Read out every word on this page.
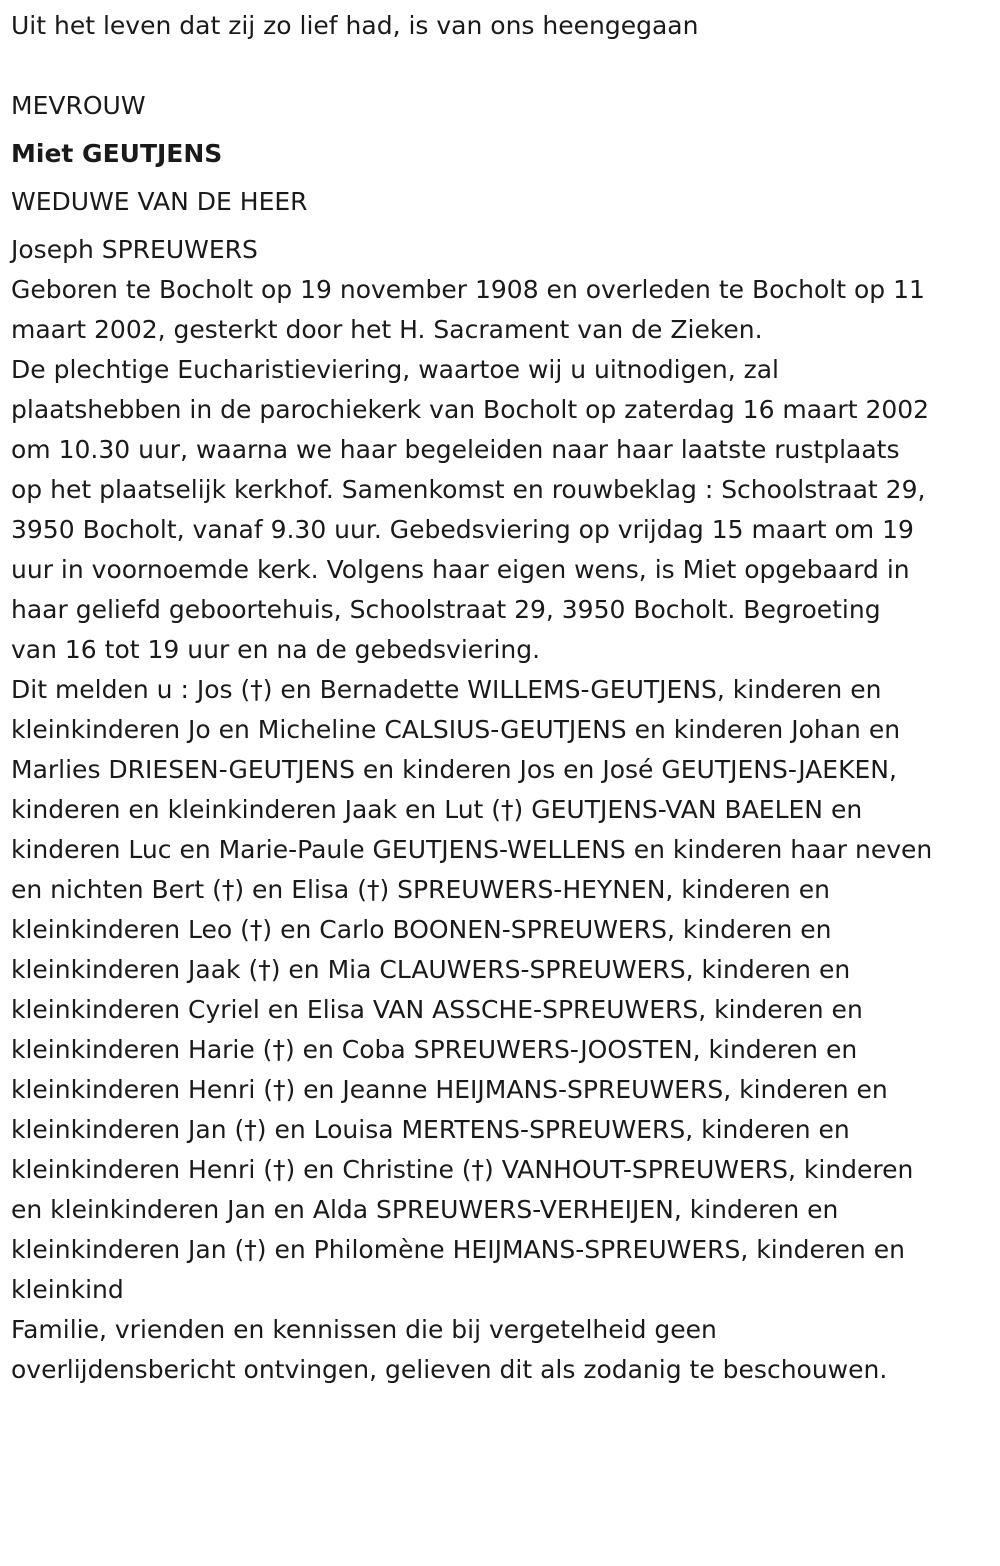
Uit het leven dat zij zo lief had, is van ons heengegaan
MEVROUW
Miet GEUTJENS
WEDUWE VAN DE HEER
Joseph SPREUWERS
Geboren te Bocholt op 19 november 1908 en overleden te Bocholt op 11
maart 2002, gesterkt door het H. Sacrament van de Zieken.
De plechtige Eucharistieviering, waartoe wij u uitnodigen, zal
plaatshebben in de parochiekerk van Bocholt op zaterdag 16 maart 2002
om 10.30 uur, waarna we haar begeleiden naar haar laatste rustplaats
op het plaatselijk kerkhof. Samenkomst en rouwbeklag : Schoolstraat 29,
3950 Bocholt, vanaf 9.30 uur. Gebedsviering op vrijdag 15 maart om 19
uur in voornoemde kerk. Volgens haar eigen wens, is Miet opgebaard in
haar geliefd geboortehuis, Schoolstraat 29, 3950 Bocholt. Begroeting
van 16 tot 19 uur en na de gebedsviering.
Dit melden u : Jos (†) en Bernadette WILLEMS-GEUTJENS, kinderen en
kleinkinderen Jo en Micheline CALSIUS-GEUTJENS en kinderen Johan en
Marlies DRIESEN-GEUTJENS en kinderen Jos en José GEUTJENS-JAEKEN,
kinderen en kleinkinderen Jaak en Lut (†) GEUTJENS-VAN BAELEN en
kinderen Luc en Marie-Paule GEUTJENS-WELLENS en kinderen haar neven
en nichten Bert (†) en Elisa (†) SPREUWERS-HEYNEN, kinderen en
kleinkinderen Leo (†) en Carlo BOONEN-SPREUWERS, kinderen en
kleinkinderen Jaak (†) en Mia CLAUWERS-SPREUWERS, kinderen en
kleinkinderen Cyriel en Elisa VAN ASSCHE-SPREUWERS, kinderen en
kleinkinderen Harie (†) en Coba SPREUWERS-JOOSTEN, kinderen en
kleinkinderen Henri (†) en Jeanne HEIJMANS-SPREUWERS, kinderen en
kleinkinderen Jan (†) en Louisa MERTENS-SPREUWERS, kinderen en
kleinkinderen Henri (†) en Christine (†) VANHOUT-SPREUWERS, kinderen
en kleinkinderen Jan en Alda SPREUWERS-VERHEIJEN, kinderen en
kleinkinderen Jan (†) en Philomène HEIJMANS-SPREUWERS, kinderen en
kleinkind
Familie, vrienden en kennissen die bij vergetelheid geen
overlijdensbericht ontvingen, gelieven dit als zodanig te beschouwen.
